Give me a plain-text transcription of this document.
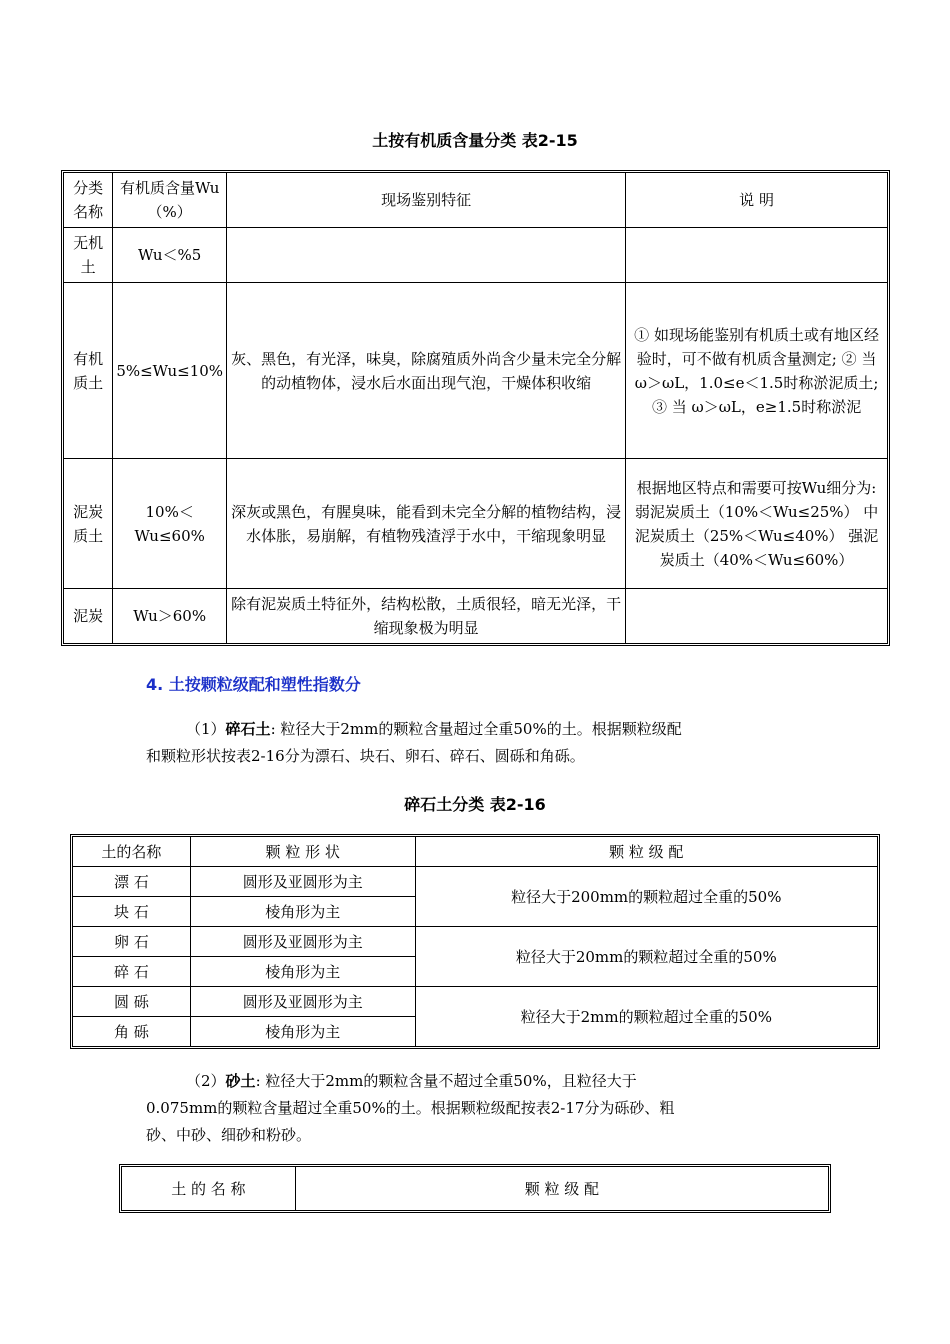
土按有机质含量分类 表2-15
分类名称	有机质含量Wu（%）	现场鉴别特征	说 明
无机土	Wu＜%5		
有机质土	5%≤Wu≤10%	灰、黑色，有光泽，味臭，除腐殖质外尚含少量未完全分解的动植物体，浸水后水面出现气泡，干燥体积收缩	① 如现场能鉴别有机质土或有地区经验时，可不做有机质含量测定; ② 当 ω＞ωL，1.0≤e＜1.5时称淤泥质土; ③ 当 ω＞ωL，e≥1.5时称淤泥
泥炭质土	10%＜Wu≤60%	深灰或黑色，有腥臭味，能看到未完全分解的植物结构，浸水体胀，易崩解，有植物残渣浮于水中，干缩现象明显	根据地区特点和需要可按Wu细分为: 弱泥炭质土（10%＜Wu≤25%） 中泥炭质土（25%＜Wu≤40%） 强泥炭质土（40%＜Wu≤60%）
泥炭	Wu＞60%	除有泥炭质土特征外，结构松散，土质很轻，暗无光泽，干缩现象极为明显	
4. 土按颗粒级配和塑性指数分
（1）碎石土: 粒径大于2mm的颗粒含量超过全重50%的土。根据颗粒级配
和颗粒形状按表2-16分为漂石、块石、卵石、碎石、圆砾和角砾。
碎石土分类 表2-16
土的名称	颗 粒 形 状	颗 粒 级 配
漂 石	圆形及亚圆形为主	粒径大于200mm的颗粒超过全重的50%
块 石	棱角形为主	
卵 石	圆形及亚圆形为主	粒径大于20mm的颗粒超过全重的50%
碎 石	棱角形为主	
圆 砾	圆形及亚圆形为主	粒径大于2mm的颗粒超过全重的50%
角 砾	棱角形为主	
（2）砂土: 粒径大于2mm的颗粒含量不超过全重50%，且粒径大于
0.075mm的颗粒含量超过全重50%的土。根据颗粒级配按表2-17分为砾砂、粗
砂、中砂、细砂和粉砂。
土 的 名 称	颗 粒 级 配
